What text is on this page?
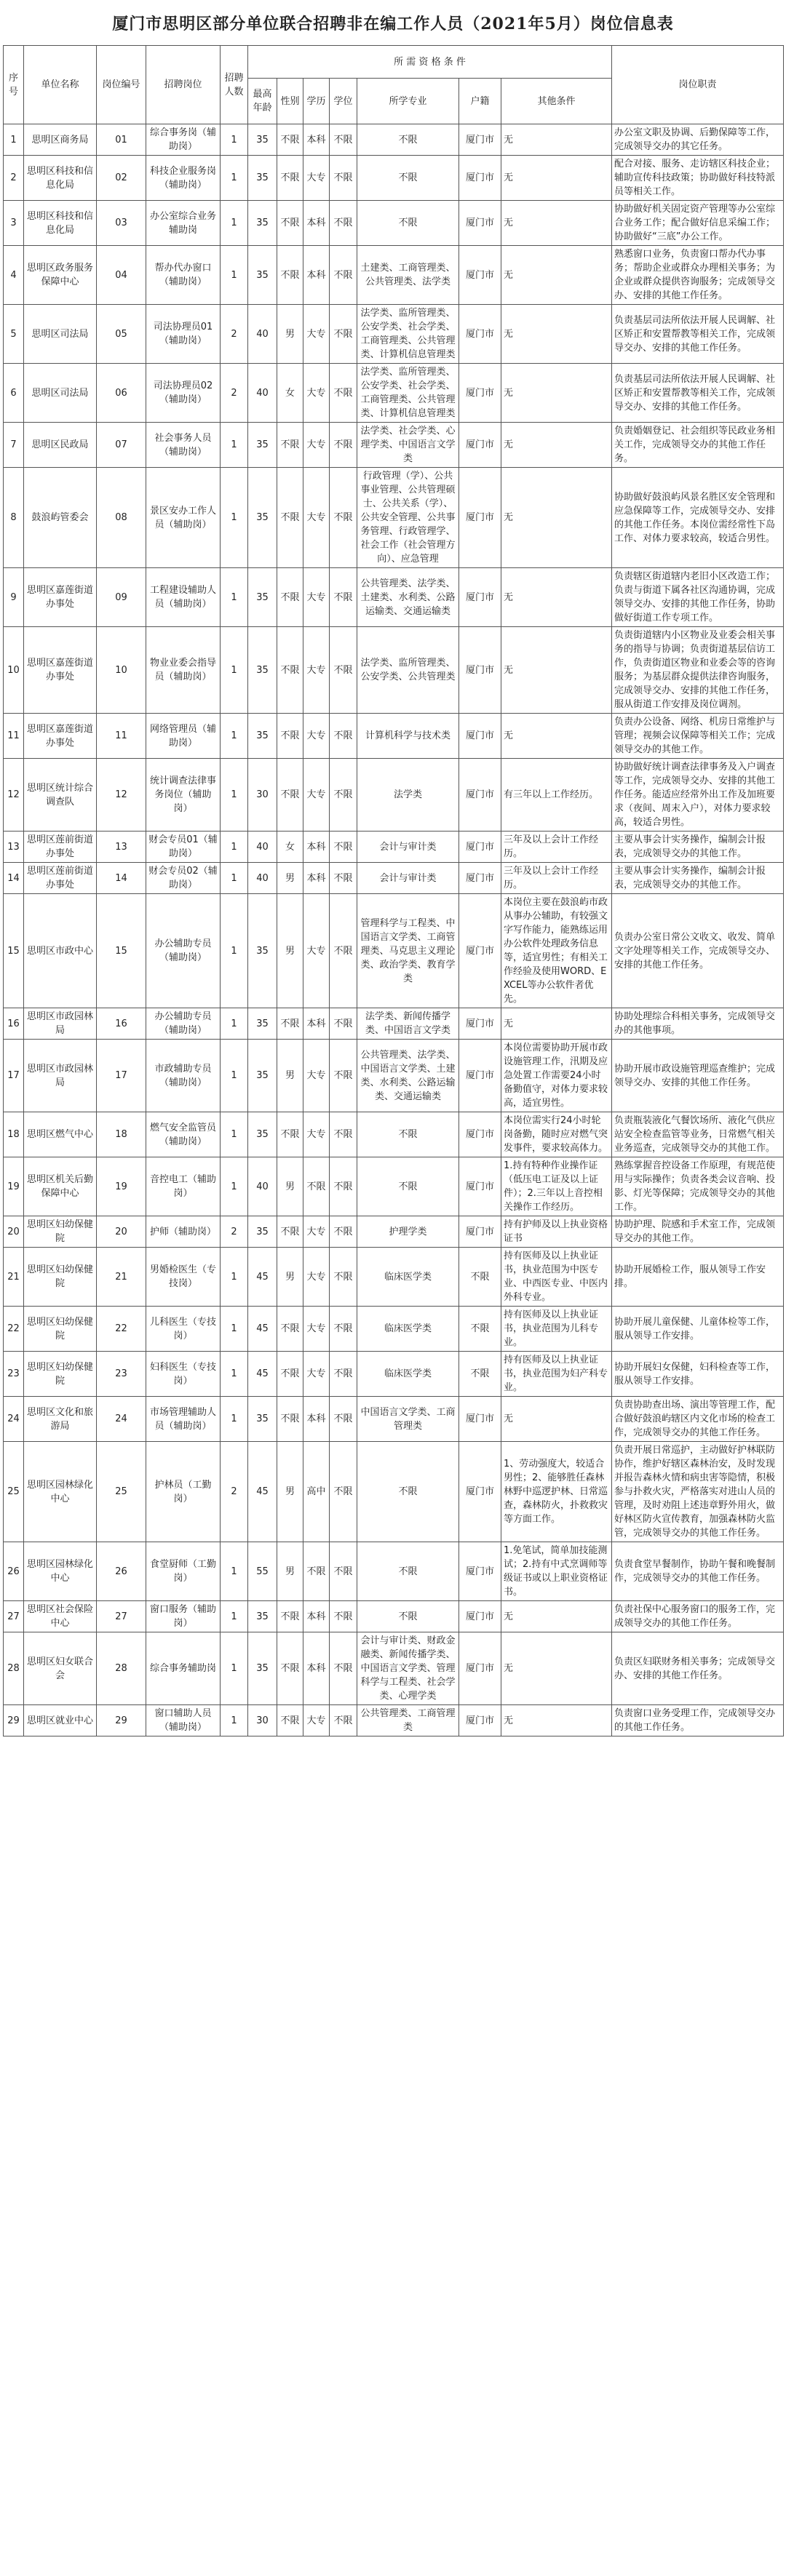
厦门市思明区部分单位联合招聘非在编工作人员（2021年5月）岗位信息表
序号	单位名称	岗位编号	招聘岗位	招聘人数	所 需 资 格 条 件							岗位职责
					最高年龄	性别	学历	学位	所学专业	户籍	其他条件	
1	思明区商务局	01	综合事务岗（辅助岗）	1	35	不限	本科	不限	不限	厦门市	无	办公室文职及协调、后勤保障等工作，完成领导交办的其它任务。
2	思明区科技和信息化局	02	科技企业服务岗（辅助岗）	1	35	不限	大专	不限	不限	厦门市	无	配合对接、服务、走访辖区科技企业；辅助宣传科技政策；协助做好科技特派员等相关工作。
3	思明区科技和信息化局	03	办公室综合业务辅助岗	1	35	不限	本科	不限	不限	厦门市	无	协助做好机关固定资产管理等办公室综合业务工作；配合做好信息采编工作；协助做好“三底”办公工作。
4	思明区政务服务保障中心	04	帮办代办窗口（辅助岗）	1	35	不限	本科	不限	土建类、工商管理类、公共管理类、法学类	厦门市	无	熟悉窗口业务，负责窗口帮办代办事务；帮助企业或群众办理相关事务；为企业或群众提供咨询服务；完成领导交办、安排的其他工作任务。
5	思明区司法局	05	司法协理员01（辅助岗）	2	40	男	大专	不限	法学类、监所管理类、公安学类、社会学类、工商管理类、公共管理类、计算机信息管理类	厦门市	无	负责基层司法所依法开展人民调解、社区矫正和安置帮教等相关工作，完成领导交办、安排的其他工作任务。
6	思明区司法局	06	司法协理员02（辅助岗）	2	40	女	大专	不限	法学类、监所管理类、公安学类、社会学类、工商管理类、公共管理类、计算机信息管理类	厦门市	无	负责基层司法所依法开展人民调解、社区矫正和安置帮教等相关工作，完成领导交办、安排的其他工作任务。
7	思明区民政局	07	社会事务人员（辅助岗）	1	35	不限	大专	不限	法学类、社会学类、心理学类、中国语言文学类	厦门市	无	负责婚姻登记、社会组织等民政业务相关工作，完成领导交办的其他工作任务。
8	鼓浪屿管委会	08	景区安办工作人员（辅助岗）	1	35	不限	大专	不限	行政管理（学）、公共事业管理、公共管理硕士、公共关系（学）、公共安全管理、公共事务管理、行政管理学、社会工作（社会管理方向）、应急管理	厦门市	无	协助做好鼓浪屿风景名胜区安全管理和应急保障等工作，完成领导交办、安排的其他工作任务。本岗位需经常性下岛工作、对体力要求较高，较适合男性。
9	思明区嘉莲街道办事处	09	工程建设辅助人员（辅助岗）	1	35	不限	大专	不限	公共管理类、法学类、土建类、水利类、公路运输类、交通运输类	厦门市	无	负责辖区街道辖内老旧小区改造工作；负责与街道下属各社区沟通协调，完成领导交办、安排的其他工作任务，协助做好街道工作专项工作。
10	思明区嘉莲街道办事处	10	物业业委会指导员（辅助岗）	1	35	不限	大专	不限	法学类、监所管理类、公安学类、公共管理类	厦门市	无	负责街道辖内小区物业及业委会相关事务的指导与协调；负责街道基层信访工作，负责街道区物业和业委会等的咨询服务；为基层群众提供法律咨询服务，完成领导交办、安排的其他工作任务，服从街道工作安排及岗位调剂。
11	思明区嘉莲街道办事处	11	网络管理员（辅助岗）	1	35	不限	大专	不限	计算机科学与技术类	厦门市	无	负责办公设备、网络、机房日常维护与管理；视频会议保障等相关工作；完成领导交办的其他工作。
12	思明区统计综合调查队	12	统计调查法律事务岗位（辅助岗）	1	30	不限	大专	不限	法学类	厦门市	有三年以上工作经历。	协助做好统计调查法律事务及入户调查等工作，完成领导交办、安排的其他工作任务。能适应经常外出工作及加班要求（夜间、周末入户），对体力要求较高，较适合男性。
13	思明区莲前街道办事处	13	财会专员01（辅助岗）	1	40	女	本科	不限	会计与审计类	厦门市	三年及以上会计工作经历。	主要从事会计实务操作，编制会计报表，完成领导交办的其他工作。
14	思明区莲前街道办事处	14	财会专员02（辅助岗）	1	40	男	本科	不限	会计与审计类	厦门市	三年及以上会计工作经历。	主要从事会计实务操作，编制会计报表，完成领导交办的其他工作。
15	思明区市政中心	15	办公辅助专员（辅助岗）	1	35	男	大专	不限	管理科学与工程类、中国语言文学类、工商管理类、马克思主义理论类、政治学类、教育学类	厦门市	本岗位主要在鼓浪屿市政从事办公辅助，有较强文字写作能力，能熟练运用办公软件处理政务信息等，适宜男性；有相关工作经验及使用WORD、EXCEL等办公软件者优先。	负责办公室日常公文收文、收发、简单文字处理等相关工作，完成领导交办、安排的其他工作任务。
16	思明区市政园林局	16	办公辅助专员（辅助岗）	1	35	不限	本科	不限	法学类、新闻传播学类、中国语言文学类	厦门市	无	协助处理综合科相关事务，完成领导交办的其他事项。
17	思明区市政园林局	17	市政辅助专员（辅助岗）	1	35	男	大专	不限	公共管理类、法学类、中国语言文学类、土建类、水利类、公路运输类、交通运输类	厦门市	本岗位需要协助开展市政设施管理工作，汛期及应急处置工作需要24小时备勤值守，对体力要求较高，适宜男性。	协助开展市政设施管理巡查维护；完成领导交办、安排的其他工作任务。
18	思明区燃气中心	18	燃气安全监管员（辅助岗）	1	35	不限	大专	不限	不限	厦门市	本岗位需实行24小时轮岗备勤，随时应对燃气突发事件，要求较高体力。	负责瓶装液化气餐饮场所、液化气供应站安全检查监管等业务，日常燃气相关业务巡查，完成领导交办的其他工作。
19	思明区机关后勤保障中心	19	音控电工（辅助岗）	1	40	男	不限	不限	不限	厦门市	1.持有特种作业操作证（低压电工证及以上证件）；2.三年以上音控相关操作工作经历。	熟练掌握音控设备工作原理，有规范使用与实际操作；负责各类会议音响、投影、灯光等保障；完成领导交办的其他工作。
20	思明区妇幼保健院	20	护师（辅助岗）	2	35	不限	大专	不限	护理学类	厦门市	持有护师及以上执业资格证书	协助护理、院感和手术室工作，完成领导交办的其他工作。
21	思明区妇幼保健院	21	男婚检医生（专技岗）	1	45	男	大专	不限	临床医学类	不限	持有医师及以上执业证书，执业范围为中医专业、中西医专业、中医内外科专业。	协助开展婚检工作，服从领导工作安排。
22	思明区妇幼保健院	22	儿科医生（专技岗）	1	45	不限	大专	不限	临床医学类	不限	持有医师及以上执业证书，执业范围为儿科专业。	协助开展儿童保健、儿童体检等工作，服从领导工作安排。
23	思明区妇幼保健院	23	妇科医生（专技岗）	1	45	不限	大专	不限	临床医学类	不限	持有医师及以上执业证书，执业范围为妇产科专业。	协助开展妇女保健，妇科检查等工作，服从领导工作安排。
24	思明区文化和旅游局	24	市场管理辅助人员（辅助岗）	1	35	不限	本科	不限	中国语言文学类、工商管理类	厦门市	无	负责协助查出场、演出等管理工作，配合做好鼓浪屿辖区内文化市场的检查工作，完成领导交办的其他工作任务。
25	思明区园林绿化中心	25	护林员（工勤岗）	2	45	男	高中	不限	不限	厦门市	1、劳动强度大，较适合男性；2、能够胜任森林林野中巡逻护林、日常巡查，森林防火，扑救救灾等方面工作。	负责开展日常巡护，主动做好护林联防协作，维护好辖区森林治安，及时发现并报告森林火情和病虫害等隐情，积极参与扑救火灾，严格落实对进山人员的管理，及时劝阻上述违章野外用火，做好林区防火宣传教育，加强森林防火监管，完成领导交办的其他工作任务。
26	思明区园林绿化中心	26	食堂厨师（工勤岗）	1	55	男	不限	不限	不限	厦门市	1.免笔试，简单加技能测试；2.持有中式烹调师等级证书或以上职业资格证书。	负责食堂早餐制作，协助午餐和晚餐制作，完成领导交办的其他工作任务。
27	思明区社会保险中心	27	窗口服务（辅助岗）	1	35	不限	本科	不限	不限	厦门市	无	负责社保中心服务窗口的服务工作，完成领导交办的其他工作任务。
28	思明区妇女联合会	28	综合事务辅助岗	1	35	不限	本科	不限	会计与审计类、财政金融类、新闻传播学类、中国语言文学类、管理科学与工程类、社会学类、心理学类	厦门市	无	负责区妇联财务相关事务；完成领导交办、安排的其他工作任务。
29	思明区就业中心	29	窗口辅助人员（辅助岗）	1	30	不限	大专	不限	公共管理类、工商管理类	厦门市	无	负责窗口业务受理工作，完成领导交办的其他工作任务。
